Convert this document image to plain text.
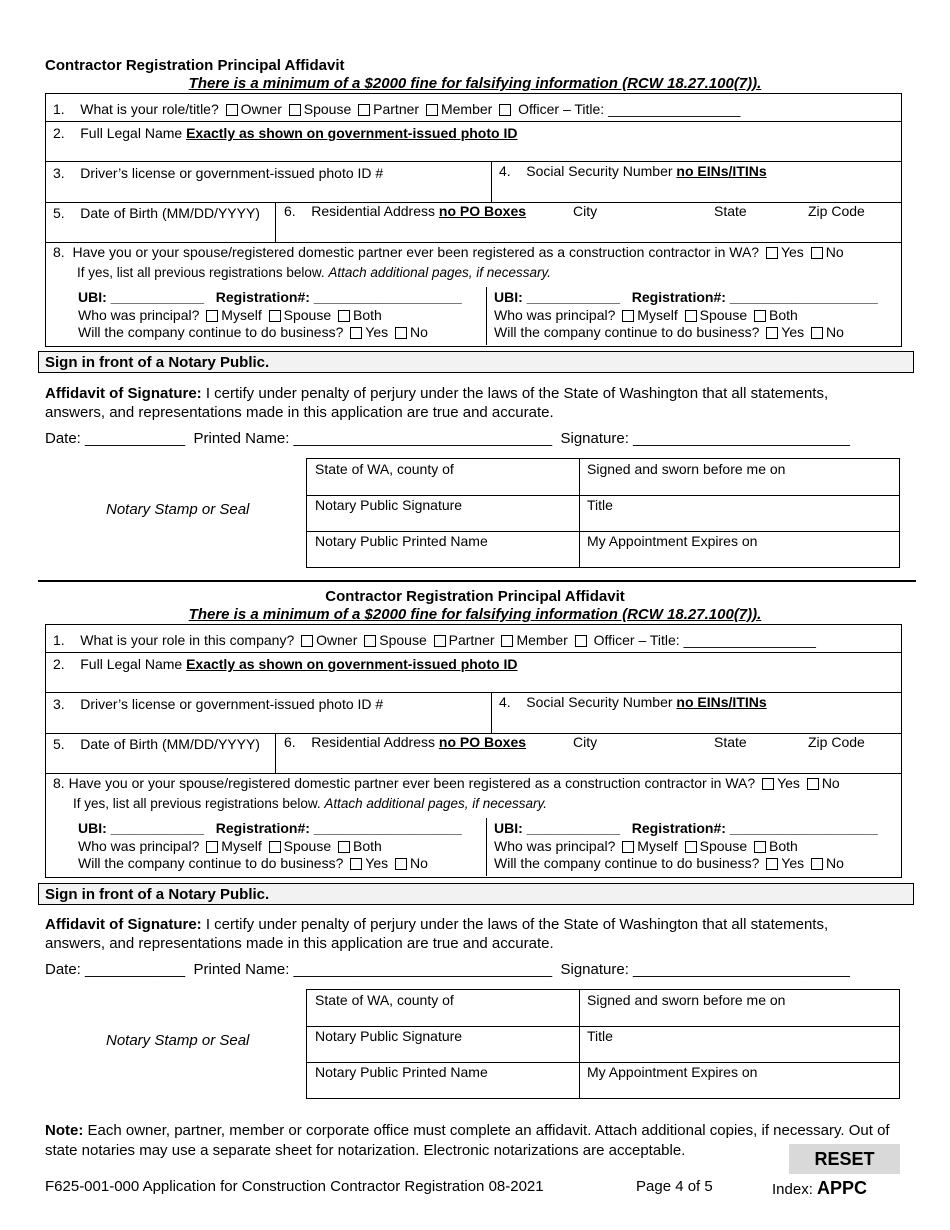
Contractor Registration Principal Affidavit
There is a minimum of a $2000 fine for falsifying information (RCW 18.27.100(7)).
1. What is your role/title? Owner Spouse Partner Member Officer – Title: _________________
2. Full Legal Name Exactly as shown on government-issued photo ID
3. Driver’s license or government-issued photo ID #	4. Social Security Number no EINs/ITINs
5. Date of Birth (MM/DD/YYYY) 6. Residential Address no PO Boxes	City	State	Zip Code
8. Have you or your spouse/registered domestic partner ever been registered as a construction contractor in WA? Yes No
If yes, list all previous registrations below. Attach additional pages, if necessary.
UBI: ____________ Registration#: ___________________
Who was principal? Myself Spouse Both
Will the company continue to do business? Yes No
UBI: ____________ Registration#: ___________________
Who was principal? Myself Spouse Both
Will the company continue to do business? Yes No
Sign in front of a Notary Public.
Affidavit of Signature: I certify under penalty of perjury under the laws of the State of Washington that all statements, answers, and representations made in this application are true and accurate.
Date: ____________ Printed Name: _______________________________ Signature: __________________________
Notary Stamp or Seal
State of WA, county of	Signed and sworn before me on
Notary Public Signature	Title
Notary Public Printed Name	My Appointment Expires on
Contractor Registration Principal Affidavit
There is a minimum of a $2000 fine for falsifying information (RCW 18.27.100(7)).
1. What is your role in this company? Owner Spouse Partner Member Officer – Title: _________________
2. Full Legal Name Exactly as shown on government-issued photo ID
3. Driver’s license or government-issued photo ID #	4. Social Security Number no EINs/ITINs
5. Date of Birth (MM/DD/YYYY) 6. Residential Address no PO Boxes	City	State	Zip Code
8. Have you or your spouse/registered domestic partner ever been registered as a construction contractor in WA? Yes No
If yes, list all previous registrations below. Attach additional pages, if necessary.
UBI: ____________ Registration#: ___________________
Who was principal? Myself Spouse Both
Will the company continue to do business? Yes No
UBI: ____________ Registration#: ___________________
Who was principal? Myself Spouse Both
Will the company continue to do business? Yes No
Sign in front of a Notary Public.
Affidavit of Signature: I certify under penalty of perjury under the laws of the State of Washington that all statements, answers, and representations made in this application are true and accurate.
Date: ____________ Printed Name: _______________________________ Signature: __________________________
Notary Stamp or Seal
State of WA, county of	Signed and sworn before me on
Notary Public Signature	Title
Notary Public Printed Name	My Appointment Expires on
Note: Each owner, partner, member or corporate office must complete an affidavit. Attach additional copies, if necessary. Out of state notaries may use a separate sheet for notarization. Electronic notarizations are acceptable.	RESET
F625-001-000 Application for Construction Contractor Registration 08-2021	Page 4 of 5	Index: APPC
